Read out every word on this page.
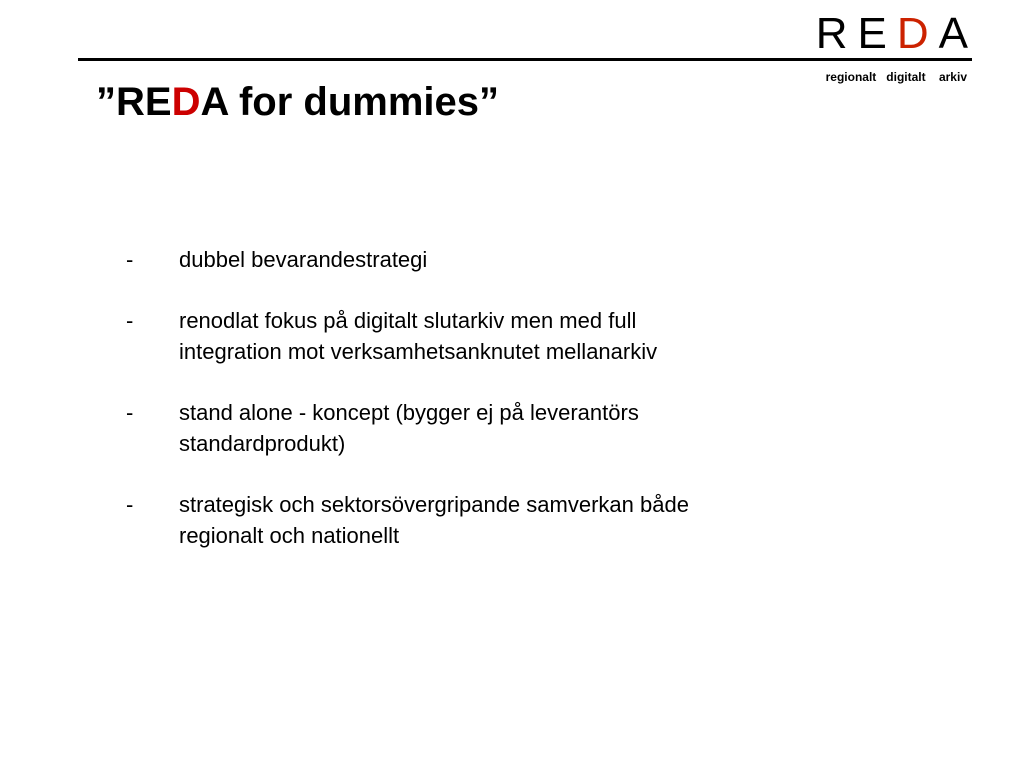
R E D A
regionalt   digitalt    arkiv
”REDA for dummies”
- dubbel bevarandestrategi
- renodlat fokus på digitalt slutarkiv men med full
integration mot verksamhetsanknutet mellanarkiv
- stand alone - koncept (bygger ej på leverantörs
standardprodukt)
- strategisk och sektorsövergripande samverkan både
regionalt och nationellt
